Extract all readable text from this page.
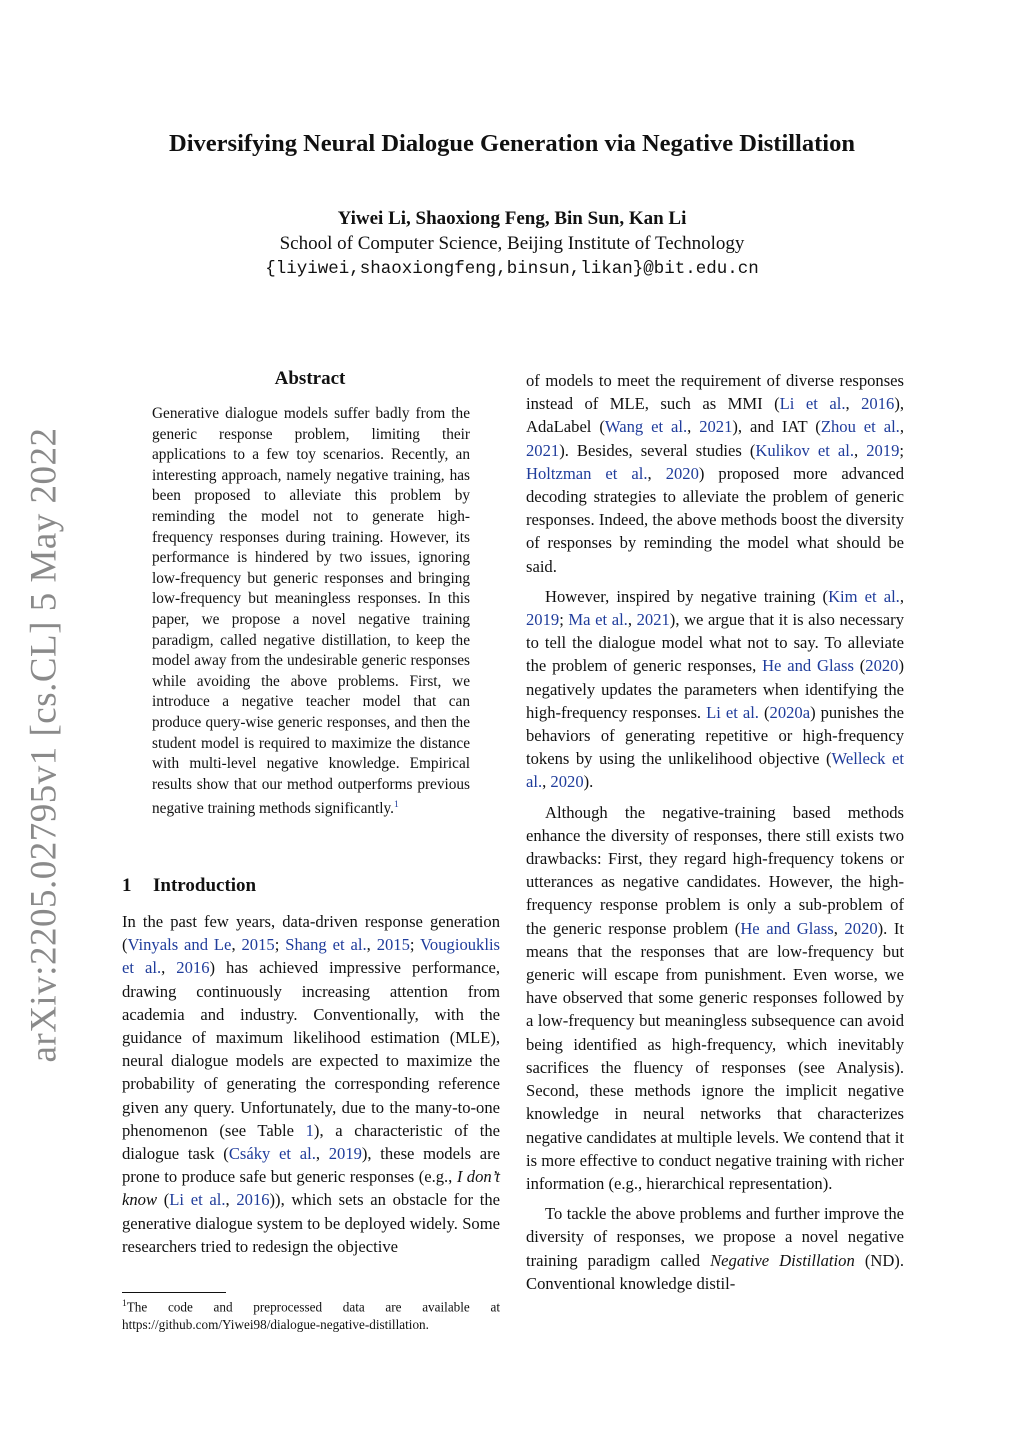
arXiv:2205.02795v1 [cs.CL] 5 May 2022
Diversifying Neural Dialogue Generation via Negative Distillation
Yiwei Li, Shaoxiong Feng, Bin Sun, Kan Li
School of Computer Science, Beijing Institute of Technology
{liyiwei,shaoxiongfeng,binsun,likan}@bit.edu.cn
Abstract
Generative dialogue models suffer badly from the generic response problem, limiting their applications to a few toy scenarios. Recently, an interesting approach, namely negative training, has been proposed to alleviate this problem by reminding the model not to generate high-frequency responses during training. However, its performance is hindered by two issues, ignoring low-frequency but generic responses and bringing low-frequency but meaningless responses. In this paper, we propose a novel negative training paradigm, called negative distillation, to keep the model away from the undesirable generic responses while avoiding the above problems. First, we introduce a negative teacher model that can produce query-wise generic responses, and then the student model is required to maximize the distance with multi-level negative knowledge. Empirical results show that our method outperforms previous negative training methods significantly.$^1$
1 Introduction

In the past few years, data-driven response generation (Vinyals and Le, 2015; Shang et al., 2015; Vougiouklis et al., 2016) has achieved impressive performance, drawing continuously increasing attention from academia and industry. Conventionally, with the guidance of maximum likelihood estimation (MLE), neural dialogue models are expected to maximize the probability of generating the corresponding reference given any query. Unfortunately, due to the many-to-one phenomenon (see Table 1), a characteristic of the dialogue task (Csáky et al., 2019), these models are prone to produce safe but generic responses (e.g., I don’t know (Li et al., 2016)), which sets an obstacle for the generative dialogue system to be deployed widely. Some researchers tried to redesign the objective

$^1$The code and preprocessed data are available at https://github.com/Yiwei98/dialogue-negative-distillation.

of models to meet the requirement of diverse responses instead of MLE, such as MMI (Li et al., 2016), AdaLabel (Wang et al., 2021), and IAT (Zhou et al., 2021). Besides, several studies (Kulikov et al., 2019; Holtzman et al., 2020) proposed more advanced decoding strategies to alleviate the problem of generic responses. Indeed, the above methods boost the diversity of responses by reminding the model what should be said.

However, inspired by negative training (Kim et al., 2019; Ma et al., 2021), we argue that it is also necessary to tell the dialogue model what not to say. To alleviate the problem of generic responses, He and Glass (2020) negatively updates the parameters when identifying the high-frequency responses. Li et al. (2020a) punishes the behaviors of generating repetitive or high-frequency tokens by using the unlikelihood objective (Welleck et al., 2020).

Although the negative-training based methods enhance the diversity of responses, there still exists two drawbacks: First, they regard high-frequency tokens or utterances as negative candidates. However, the high-frequency response problem is only a sub-problem of the generic response problem (He and Glass, 2020). It means that the responses that are low-frequency but generic will escape from punishment. Even worse, we have observed that some generic responses followed by a low-frequency but meaningless subsequence can avoid being identified as high-frequency, which inevitably sacrifices the fluency of responses (see Analysis). Second, these methods ignore the implicit negative knowledge in neural networks that characterizes negative candidates at multiple levels. We contend that it is more effective to conduct negative training with richer information (e.g., hierarchical representation).

To tackle the above problems and further improve the diversity of responses, we propose a novel negative training paradigm called Negative Distillation (ND). Conventional knowledge distil-
